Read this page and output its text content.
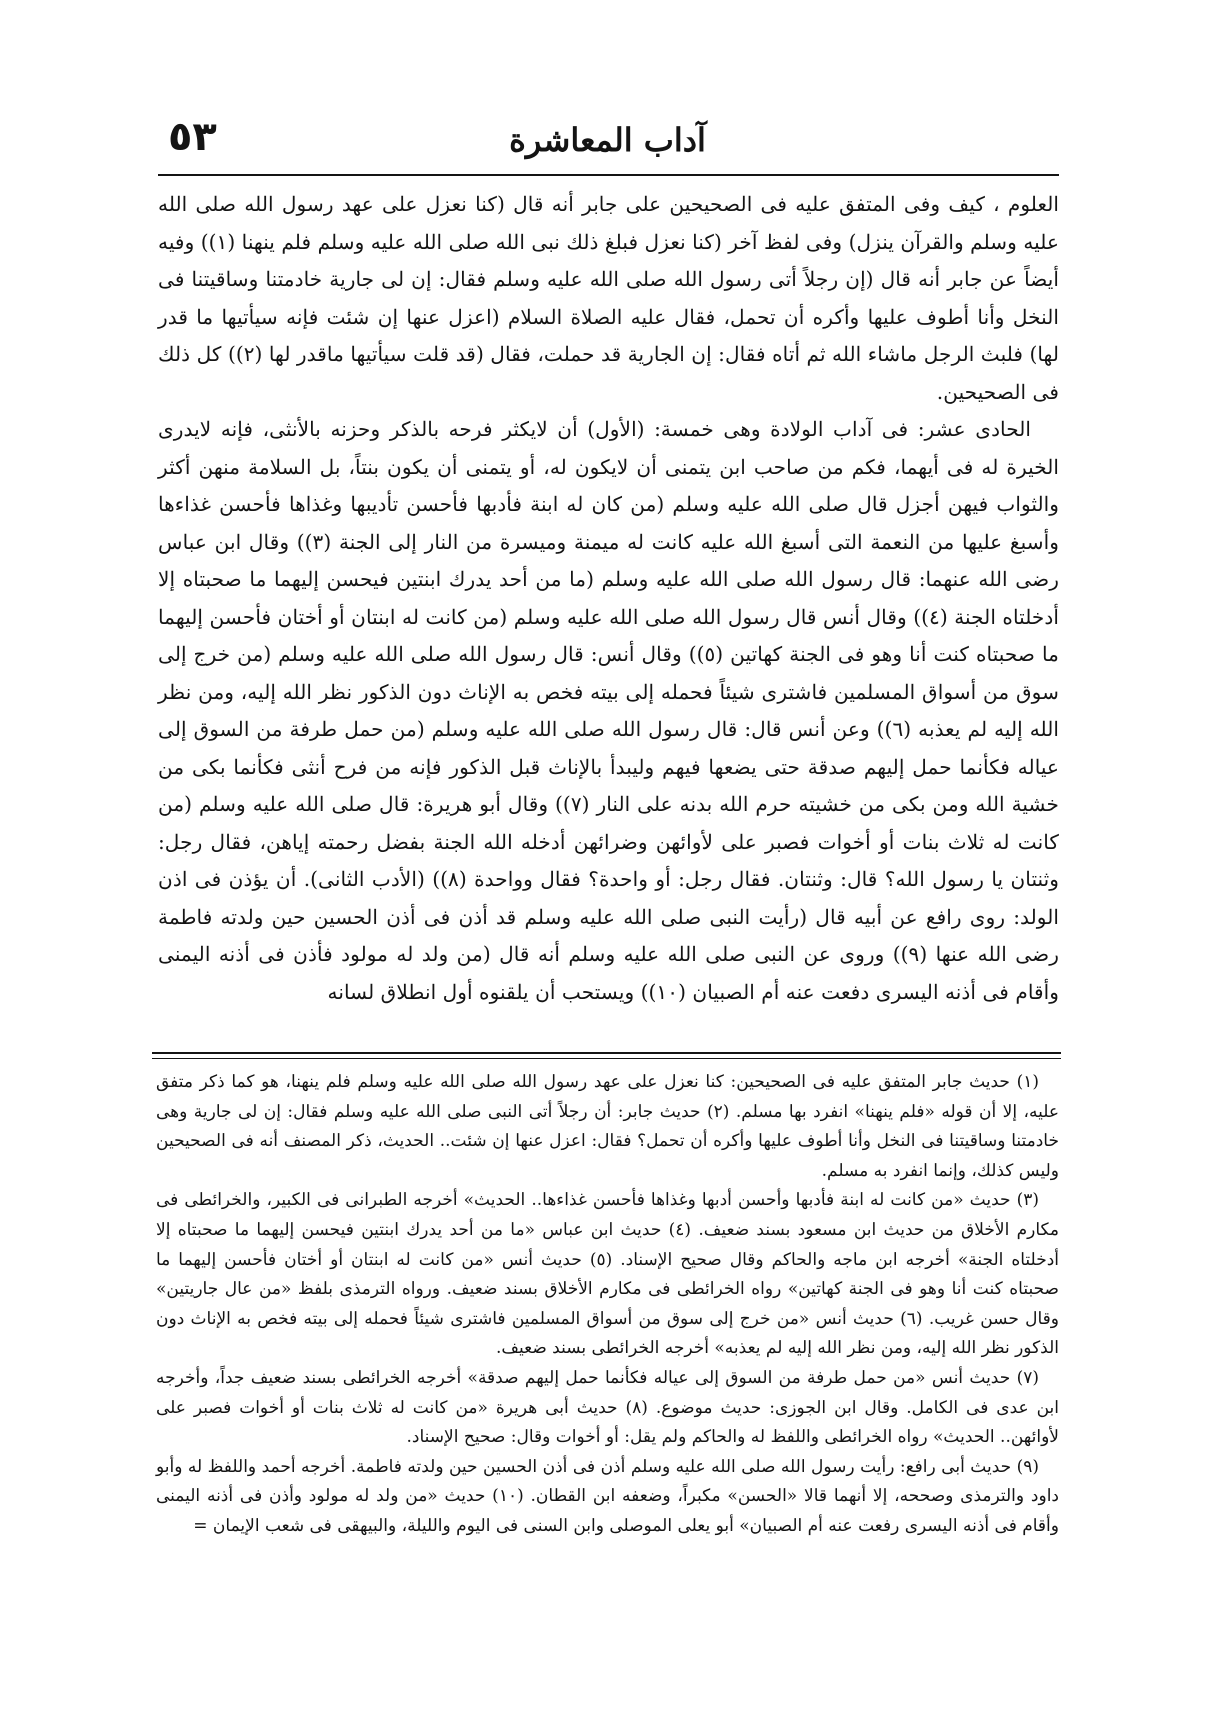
آداب المعاشرة
٥٣

العلوم ، كيف وفى المتفق عليه فى الصحيحين على جابر أنه قال (كنا نعزل على عهد رسول الله صلى الله عليه وسلم والقرآن ينزل) وفى لفظ آخر (كنا نعزل فبلغ ذلك نبى الله صلى الله عليه وسلم فلم ينهنا (١)) وفيه أيضاً عن جابر أنه قال (إن رجلاً أتى رسول الله صلى الله عليه وسلم فقال: إن لى جارية خادمتنا وساقيتنا فى النخل وأنا أطوف عليها وأكره أن تحمل، فقال عليه الصلاة السلام (اعزل عنها إن شئت فإنه سيأتيها ما قدر لها) فلبث الرجل ماشاء الله ثم أتاه فقال: إن الجارية قد حملت، فقال (قد قلت سيأتيها ماقدر لها (٢)) كل ذلك فى الصحيحين.

الحادى عشر: فى آداب الولادة وهى خمسة: (الأول) أن لايكثر فرحه بالذكر وحزنه بالأنثى، فإنه لايدرى الخيرة له فى أيهما، فكم من صاحب ابن يتمنى أن لايكون له، أو يتمنى أن يكون بنتاً، بل السلامة منهن أكثر والثواب فيهن أجزل قال صلى الله عليه وسلم (من كان له ابنة فأدبها فأحسن تأديبها وغذاها فأحسن غذاءها وأسبغ عليها من النعمة التى أسبغ الله عليه كانت له ميمنة وميسرة من النار إلى الجنة (٣)) وقال ابن عباس رضى الله عنهما: قال رسول الله صلى الله عليه وسلم (ما من أحد يدرك ابنتين فيحسن إليهما ما صحبتاه إلا أدخلتاه الجنة (٤)) وقال أنس قال رسول الله صلى الله عليه وسلم (من كانت له ابنتان أو أختان فأحسن إليهما ما صحبتاه كنت أنا وهو فى الجنة كهاتين (٥)) وقال أنس: قال رسول الله صلى الله عليه وسلم (من خرج إلى سوق من أسواق المسلمين فاشترى شيئاً فحمله إلى بيته فخص به الإناث دون الذكور نظر الله إليه، ومن نظر الله إليه لم يعذبه (٦)) وعن أنس قال: قال رسول الله صلى الله عليه وسلم (من حمل طرفة من السوق إلى عياله فكأنما حمل إليهم صدقة حتى يضعها فيهم وليبدأ بالإناث قبل الذكور فإنه من فرح أنثى فكأنما بكى من خشية الله ومن بكى من خشيته حرم الله بدنه على النار (٧)) وقال أبو هريرة: قال صلى الله عليه وسلم (من كانت له ثلاث بنات أو أخوات فصبر على لأوائهن وضرائهن أدخله الله الجنة بفضل رحمته إياهن، فقال رجل: وثنتان يا رسول الله؟ قال: وثنتان. فقال رجل: أو واحدة؟ فقال وواحدة (٨)) (الأدب الثانى). أن يؤذن فى اذن الولد: روى رافع عن أبيه قال (رأيت النبى صلى الله عليه وسلم قد أذن فى أذن الحسين حين ولدته فاطمة رضى الله عنها (٩)) وروى عن النبى صلى الله عليه وسلم أنه قال (من ولد له مولود فأذن فى أذنه اليمنى وأقام فى أذنه اليسرى دفعت عنه أم الصبيان (١٠)) ويستحب أن يلقنوه أول انطلاق لسانه

(١) حديث جابر المتفق عليه فى الصحيحين: كنا نعزل على عهد رسول الله صلى الله عليه وسلم فلم ينهنا، هو كما ذكر متفق عليه، إلا أن قوله «فلم ينهنا» انفرد بها مسلم. (٢) حديث جابر: أن رجلاً أتى النبى صلى الله عليه وسلم فقال: إن لى جارية وهى خادمتنا وساقيتنا فى النخل وأنا أطوف عليها وأكره أن تحمل؟ فقال: اعزل عنها إن شئت.. الحديث، ذكر المصنف أنه فى الصحيحين وليس كذلك، وإنما انفرد به مسلم.

(٣) حديث «من كانت له ابنة فأدبها وأحسن أدبها وغذاها فأحسن غذاءها.. الحديث» أخرجه الطبرانى فى الكبير، والخرائطى فى مكارم الأخلاق من حديث ابن مسعود بسند ضعيف. (٤) حديث ابن عباس «ما من أحد يدرك ابنتين فيحسن إليهما ما صحبتاه إلا أدخلتاه الجنة» أخرجه ابن ماجه والحاكم وقال صحيح الإسناد. (٥) حديث أنس «من كانت له ابنتان أو أختان فأحسن إليهما ما صحبتاه كنت أنا وهو فى الجنة كهاتين» رواه الخرائطى فى مكارم الأخلاق بسند ضعيف. ورواه الترمذى بلفظ «من عال جاريتين» وقال حسن غريب. (٦) حديث أنس «من خرج إلى سوق من أسواق المسلمين فاشترى شيئاً فحمله إلى بيته فخص به الإناث دون الذكور نظر الله إليه، ومن نظر الله إليه لم يعذبه» أخرجه الخرائطى بسند ضعيف.

(٧) حديث أنس «من حمل طرفة من السوق إلى عياله فكأنما حمل إليهم صدقة» أخرجه الخرائطى بسند ضعيف جداً، وأخرجه ابن عدى فى الكامل. وقال ابن الجوزى: حديث موضوع. (٨) حديث أبى هريرة «من كانت له ثلاث بنات أو أخوات فصبر على لأوائهن.. الحديث» رواه الخرائطى واللفظ له والحاكم ولم يقل: أو أخوات وقال: صحيح الإسناد.

(٩) حديث أبى رافع: رأيت رسول الله صلى الله عليه وسلم أذن فى أذن الحسين حين ولدته فاطمة. أخرجه أحمد واللفظ له وأبو داود والترمذى وصححه، إلا أنهما قالا «الحسن» مكبراً، وضعفه ابن القطان. (١٠) حديث «من ولد له مولود وأذن فى أذنه اليمنى وأقام فى أذنه اليسرى رفعت عنه أم الصبيان» أبو يعلى الموصلى وابن السنى فى اليوم والليلة، والبيهقى فى شعب الإيمان =
